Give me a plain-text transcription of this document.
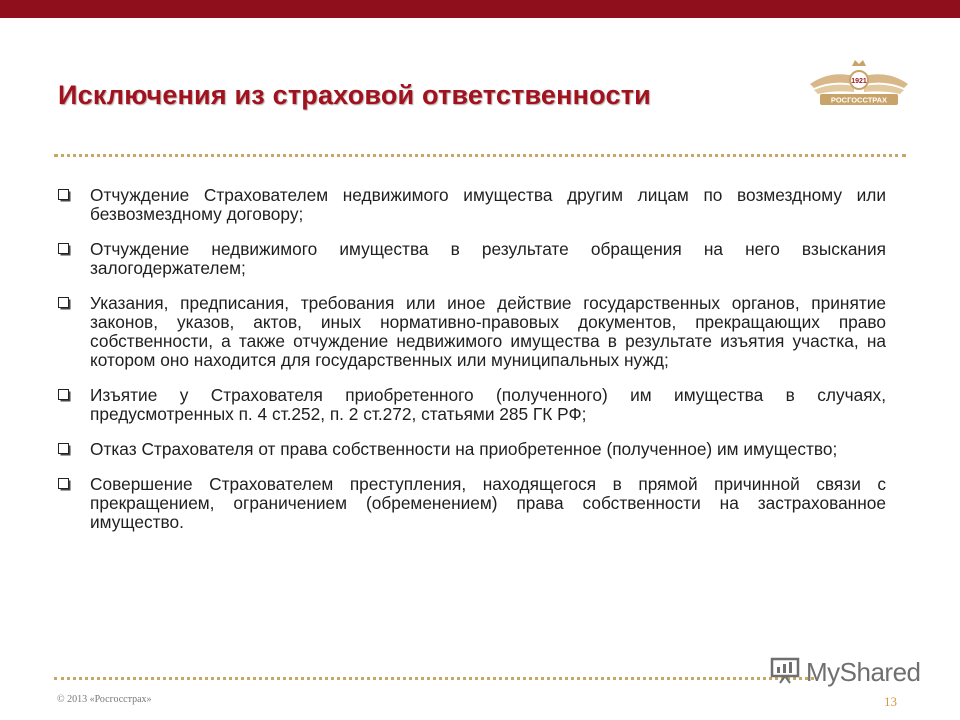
Исключения из страховой ответственности	1921
РОСГОССТРАХ
Отчуждение Страхователем недвижимого имущества другим лицам по возмездному или безвозмездному договору;
Отчуждение недвижимого имущества в результате обращения на него взыскания залогодержателем;
Указания, предписания, требования или иное действие государственных органов, принятие законов, указов, актов, иных нормативно-правовых документов, прекращающих право собственности, а также отчуждение недвижимого имущества в результате изъятия участка, на котором оно находится для государственных или муниципальных нужд;
Изъятие у Страхователя приобретенного (полученного) им имущества в случаях, предусмотренных п. 4 ст.252, п. 2 ст.272, статьями 285 ГК РФ;
Отказ Страхователя от права собственности на приобретенное (полученное) им имущество;
Совершение Страхователем преступления, находящегося в прямой причинной связи с прекращением, ограничением (обременением) права собственности на застрахованное имущество.
MyShared
© 2013 «Росгосстрах»	13
